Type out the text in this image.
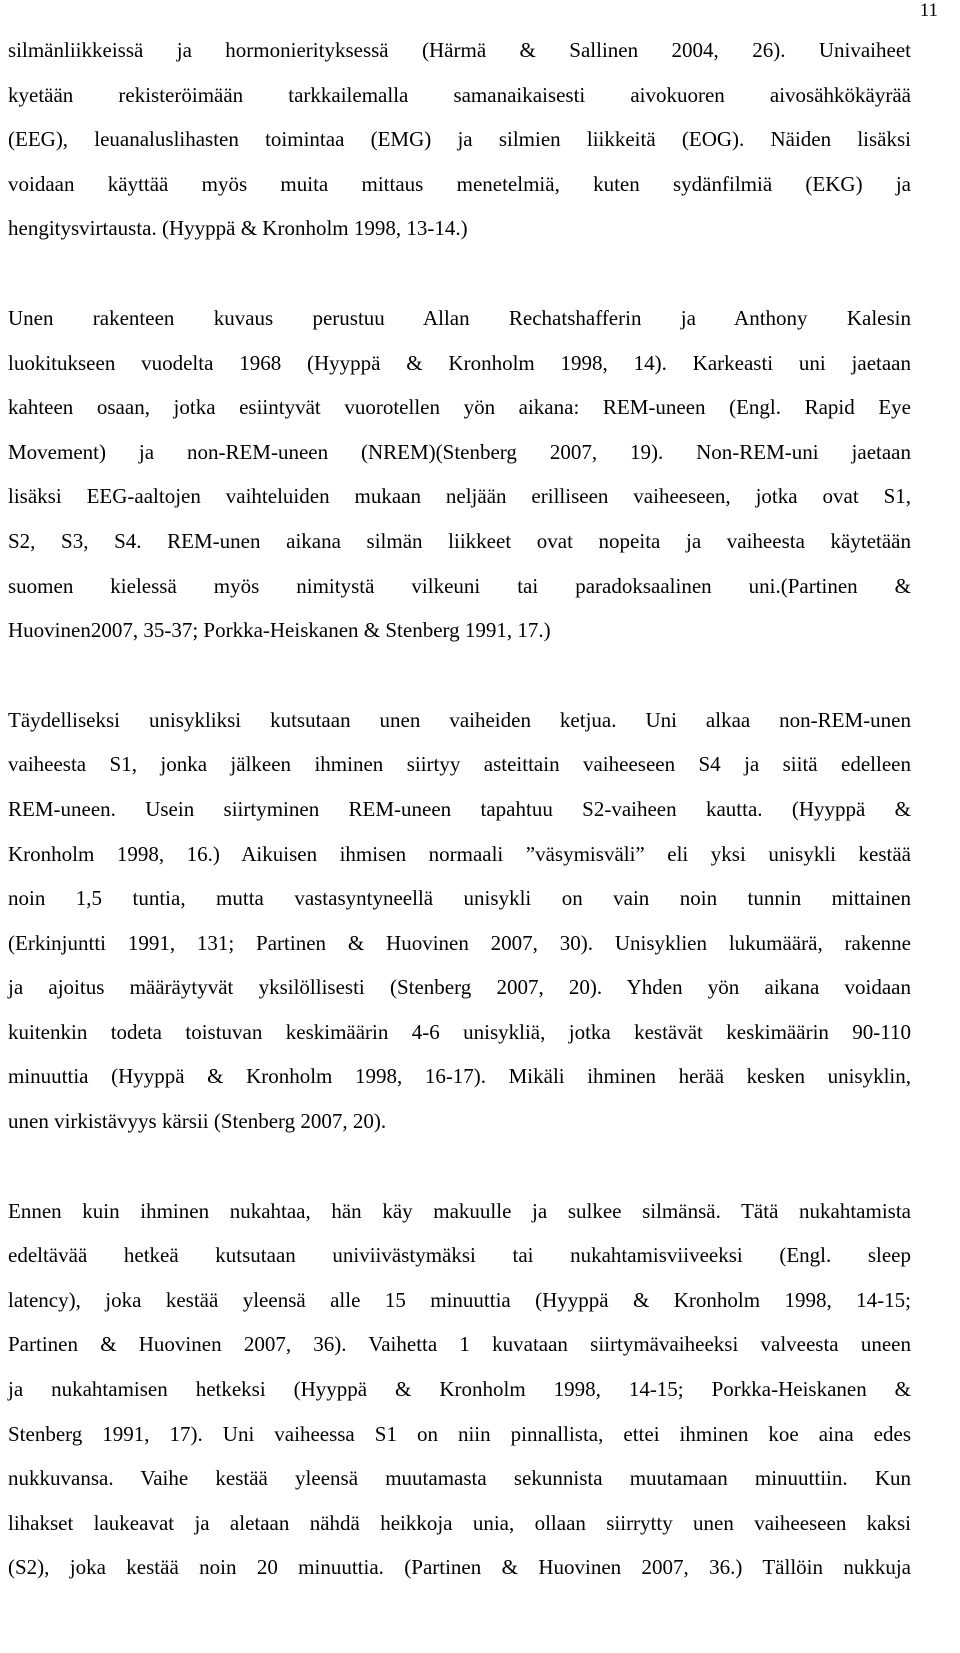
11
silmänliikkeissä ja hormonierityksessä (Härmä & Sallinen 2004, 26). Univaiheet
kyetään rekisteröimään tarkkailemalla samanaikaisesti aivokuoren aivosähkökäyrää
(EEG), leuanaluslihasten toimintaa (EMG) ja silmien liikkeitä (EOG). Näiden lisäksi
voidaan käyttää myös muita mittaus menetelmiä, kuten sydänfilmiä (EKG) ja
hengitysvirtausta. (Hyyppä & Kronholm 1998, 13-14.)
Unen rakenteen kuvaus perustuu Allan Rechatshafferin ja Anthony Kalesin
luokitukseen vuodelta 1968 (Hyyppä & Kronholm 1998, 14). Karkeasti uni jaetaan
kahteen osaan, jotka esiintyvät vuorotellen yön aikana: REM-uneen (Engl. Rapid Eye
Movement) ja non-REM-uneen (NREM)(Stenberg 2007, 19). Non-REM-uni jaetaan
lisäksi EEG-aaltojen vaihteluiden mukaan neljään erilliseen vaiheeseen, jotka ovat S1,
S2, S3, S4. REM-unen aikana silmän liikkeet ovat nopeita ja vaiheesta käytetään
suomen kielessä myös nimitystä vilkeuni tai paradoksaalinen uni.(Partinen &
Huovinen2007, 35-37; Porkka-Heiskanen & Stenberg 1991, 17.)
Täydelliseksi unisykliksi kutsutaan unen vaiheiden ketjua. Uni alkaa non-REM-unen
vaiheesta S1, jonka jälkeen ihminen siirtyy asteittain vaiheeseen S4 ja siitä edelleen
REM-uneen. Usein siirtyminen REM-uneen tapahtuu S2-vaiheen kautta. (Hyyppä &
Kronholm 1998, 16.) Aikuisen ihmisen normaali ”väsymisväli” eli yksi unisykli kestää
noin 1,5 tuntia, mutta vastasyntyneellä unisykli on vain noin tunnin mittainen
(Erkinjuntti 1991, 131; Partinen & Huovinen 2007, 30). Unisyklien lukumäärä, rakenne
ja ajoitus määräytyvät yksilöllisesti (Stenberg 2007, 20). Yhden yön aikana voidaan
kuitenkin todeta toistuvan keskimäärin 4-6 unisykliä, jotka kestävät keskimäärin 90-110
minuuttia (Hyyppä & Kronholm 1998, 16-17). Mikäli ihminen herää kesken unisyklin,
unen virkistävyys kärsii (Stenberg 2007, 20).
Ennen kuin ihminen nukahtaa, hän käy makuulle ja sulkee silmänsä. Tätä nukahtamista
edeltävää hetkeä kutsutaan univiivästymäksi tai nukahtamisviiveeksi (Engl. sleep
latency), joka kestää yleensä alle 15 minuuttia (Hyyppä & Kronholm 1998, 14-15;
Partinen & Huovinen 2007, 36). Vaihetta 1 kuvataan siirtymävaiheeksi valveesta uneen
ja nukahtamisen hetkeksi (Hyyppä & Kronholm 1998, 14-15; Porkka-Heiskanen &
Stenberg 1991, 17). Uni vaiheessa S1 on niin pinnallista, ettei ihminen koe aina edes
nukkuvansa. Vaihe kestää yleensä muutamasta sekunnista muutamaan minuuttiin. Kun
lihakset laukeavat ja aletaan nähdä heikkoja unia, ollaan siirrytty unen vaiheeseen kaksi
(S2), joka kestää noin 20 minuuttia. (Partinen & Huovinen 2007, 36.) Tällöin nukkuja
